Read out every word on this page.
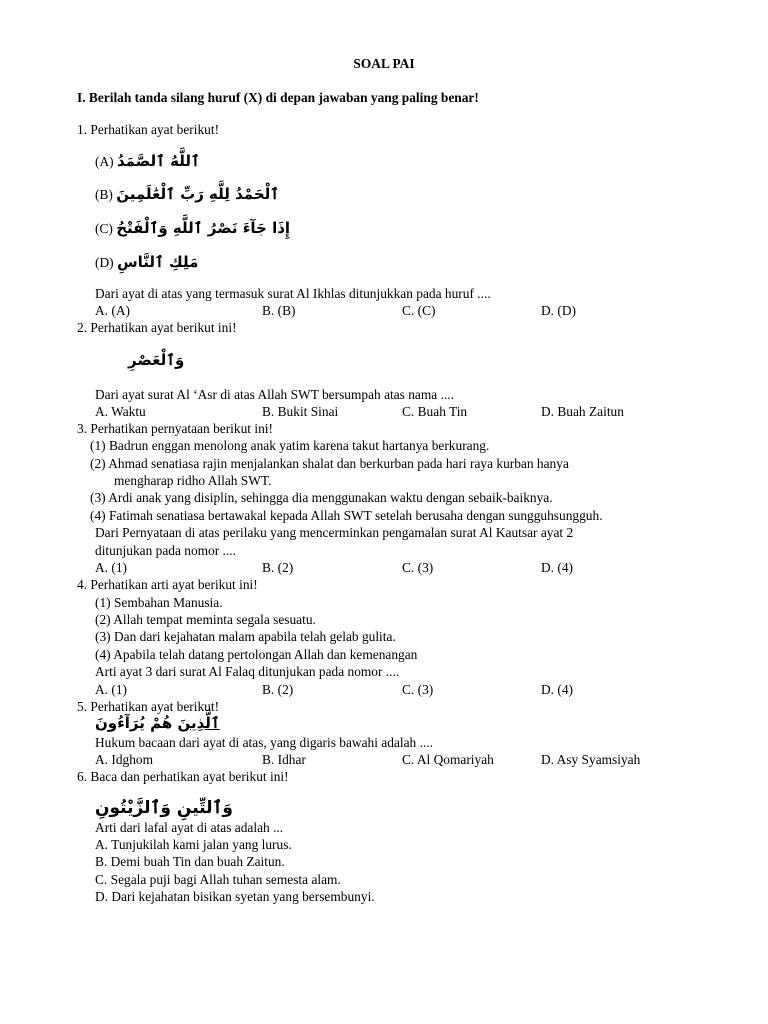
SOAL PAI
I. Berilah tanda silang huruf (X) di depan jawaban yang paling benar!
1. Perhatikan ayat berikut!
(A) ٱللَّهُ ٱلصَّمَدُ
(B) ٱلْحَمْدُ لِلَّهِ رَبِّ ٱلْعَٰلَمِينَ
(C) إِذَا جَآءَ نَصْرُ ٱللَّهِ وَٱلْفَتْحُ
(D) مَلِكِ ٱلنَّاسِ
Dari ayat di atas yang termasuk surat Al Ikhlas ditunjukkan pada huruf ....
A. (A)	B. (B)	C. (C)	D. (D)
2. Perhatikan ayat berikut ini!
وَٱلْعَصْرِ
Dari ayat surat Al ‘Asr di atas Allah SWT bersumpah atas nama ....
A. Waktu	B. Bukit Sinai	C. Buah Tin	D. Buah Zaitun
3. Perhatikan pernyataan berikut ini!
(1) Badrun enggan menolong anak yatim karena takut hartanya berkurang.
(2) Ahmad senatiasa rajin menjalankan shalat dan berkurban pada hari raya kurban hanya
mengharap ridho Allah SWT.
(3) Ardi anak yang disiplin, sehingga dia menggunakan waktu dengan sebaik-baiknya.
(4) Fatimah senatiasa bertawakal kepada Allah SWT setelah berusaha dengan sungguhsungguh.
Dari Pernyataan di atas perilaku yang mencerminkan pengamalan surat Al Kautsar ayat 2
ditunjukan pada nomor ....
A. (1)	B. (2)	C. (3)	D. (4)
4. Perhatikan arti ayat berikut ini!
(1) Sembahan Manusia.
(2) Allah tempat meminta segala sesuatu.
(3) Dan dari kejahatan malam apabila telah gelab gulita.
(4) Apabila telah datang pertolongan Allah dan kemenangan
Arti ayat 3 dari surat Al Falaq ditunjukan pada nomor ....
A. (1)	B. (2)	C. (3)	D. (4)
5. Perhatikan ayat berikut!
ٱلَّذِينَ هُمْ يُرَآءُونَ
Hukum bacaan dari ayat di atas, yang digaris bawahi adalah ....
A. Idghom	B. Idhar	C. Al Qomariyah	D. Asy Syamsiyah
6. Baca dan perhatikan ayat berikut ini!
وَٱلتِّينِ وَٱلزَّيْتُونِ
Arti dari lafal ayat di atas adalah ...
A. Tunjukilah kami jalan yang lurus.
B. Demi buah Tin dan buah Zaitun.
C. Segala puji bagi Allah tuhan semesta alam.
D. Dari kejahatan bisikan syetan yang bersembunyi.
